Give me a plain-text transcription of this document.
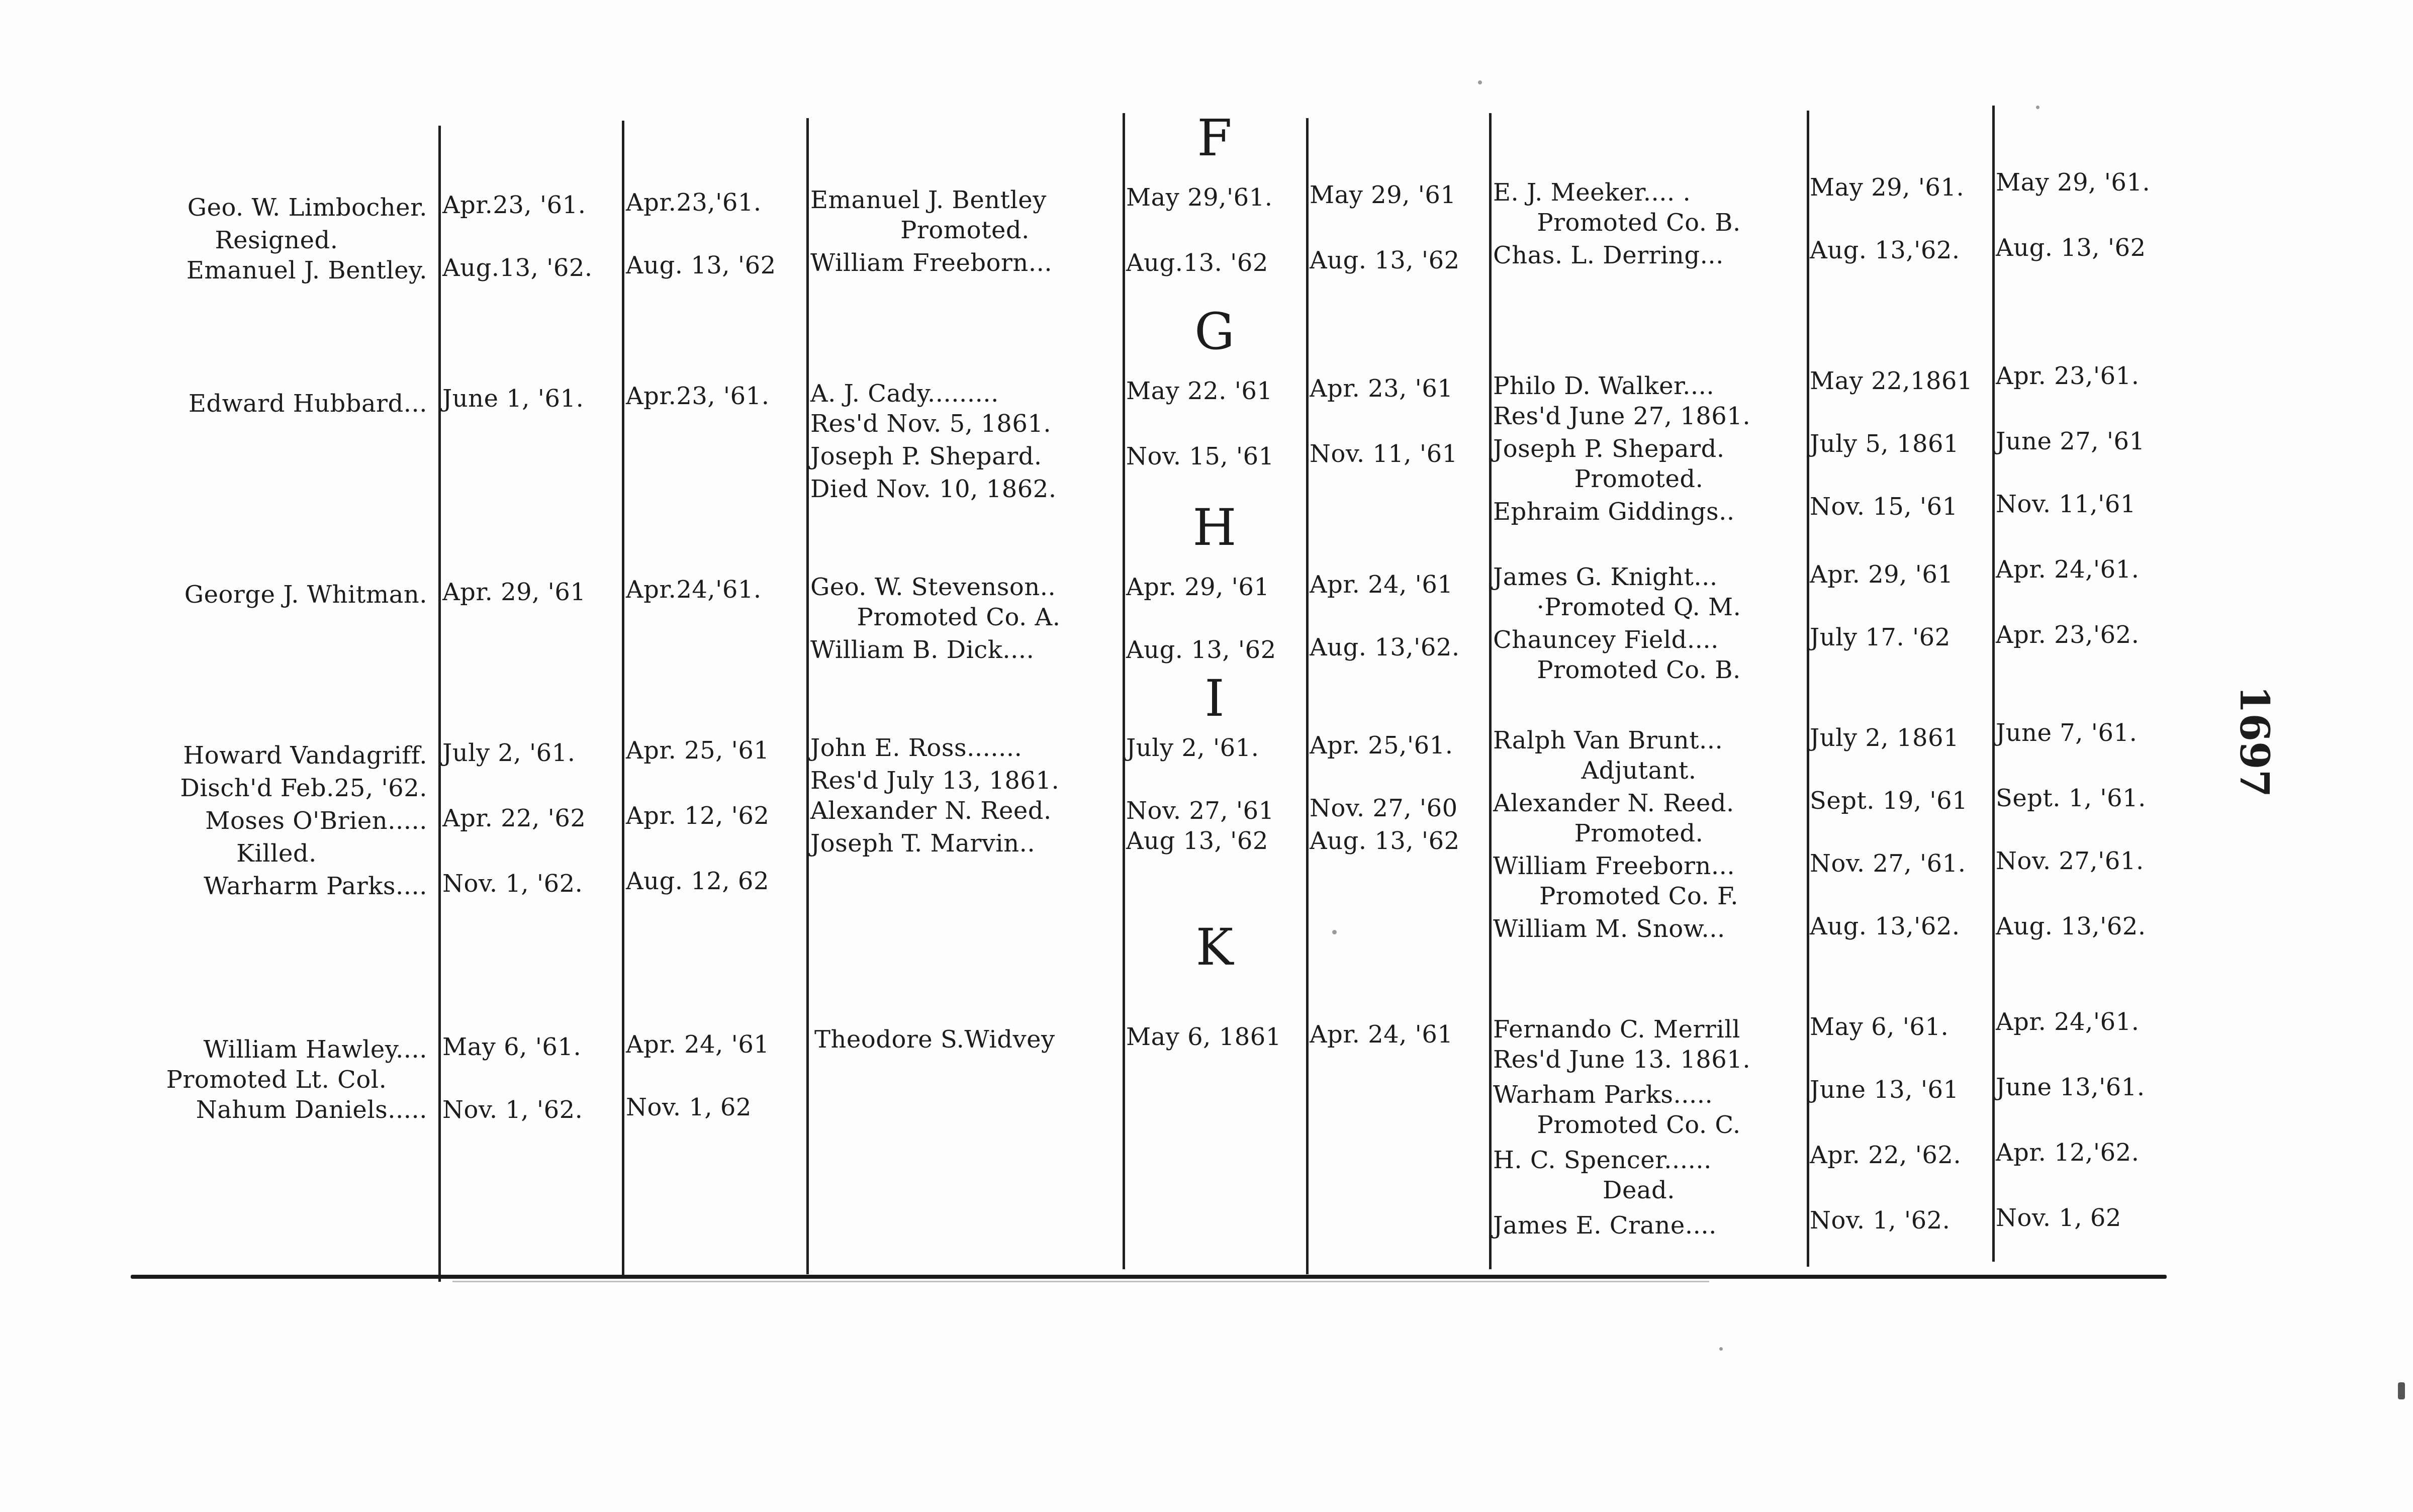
F
G
H
I
K
Geo. W. Limbocher.
Resigned.
Emanuel J. Bentley.
Edward Hubbard...
George J. Whitman.
Howard Vandagriff.
Disch'd Feb.25, '62.
Moses O'Brien.....
Killed.
Warharm Parks....
William Hawley....
Promoted Lt. Col.
Nahum Daniels.....
Apr.23, '61.
Aug.13, '62.
June 1, '61.
Apr. 29, '61
July 2, '61.
Apr. 22, '62
Nov. 1, '62.
May 6, '61.
Nov. 1, '62.
Apr.23,'61.
Aug. 13, '62
Apr.23, '61.
Apr.24,'61.
Apr. 25, '61
Apr. 12, '62
Aug. 12, 62
Apr. 24, '61
Nov. 1, 62
Emanuel J. Bentley
Promoted.
William Freeborn...
A. J. Cady.........
Res'd Nov. 5, 1861.
Joseph P. Shepard.
Died Nov. 10, 1862.
Geo. W. Stevenson..
Promoted Co. A.
William B. Dick....
John E. Ross.......
Res'd July 13, 1861.
Alexander N. Reed.
Joseph T. Marvin..
Theodore S.Widvey
May 29,'61.
Aug.13. '62
May 22. '61
Nov. 15, '61
Apr. 29, '61
Aug. 13, '62
July 2, '61.
Nov. 27, '61
Aug 13, '62
May 6, 1861
May 29, '61
Aug. 13, '62
Apr. 23, '61
Nov. 11, '61
Apr. 24, '61
Aug. 13,'62.
Apr. 25,'61.
Nov. 27, '60
Aug. 13, '62
Apr. 24, '61
E. J. Meeker.... .
Promoted Co. B.
Chas. L. Derring...
Philo D. Walker....
Res'd June 27, 1861.
Joseph P. Shepard.
Promoted.
Ephraim Giddings..
James G. Knight...
·Promoted Q. M.
Chauncey Field....
Promoted Co. B.
Ralph Van Brunt...
Adjutant.
Alexander N. Reed.
Promoted.
William Freeborn...
Promoted Co. F.
William M. Snow...
Fernando C. Merrill
Res'd June 13. 1861.
Warham Parks.....
Promoted Co. C.
H. C. Spencer......
Dead.
James E. Crane....
May 29, '61.
Aug. 13,'62.
May 22,1861
July 5, 1861
Nov. 15, '61
Apr. 29, '61
July 17. '62
July 2, 1861
Sept. 19, '61
Nov. 27, '61.
Aug. 13,'62.
May 6, '61.
June 13, '61
Apr. 22, '62.
Nov. 1, '62.
May 29, '61.
Aug. 13, '62
Apr. 23,'61.
June 27, '61
Nov. 11,'61
Apr. 24,'61.
Apr. 23,'62.
June 7, '61.
Sept. 1, '61.
Nov. 27,'61.
Aug. 13,'62.
Apr. 24,'61.
June 13,'61.
Apr. 12,'62.
Nov. 1, 62
1697
